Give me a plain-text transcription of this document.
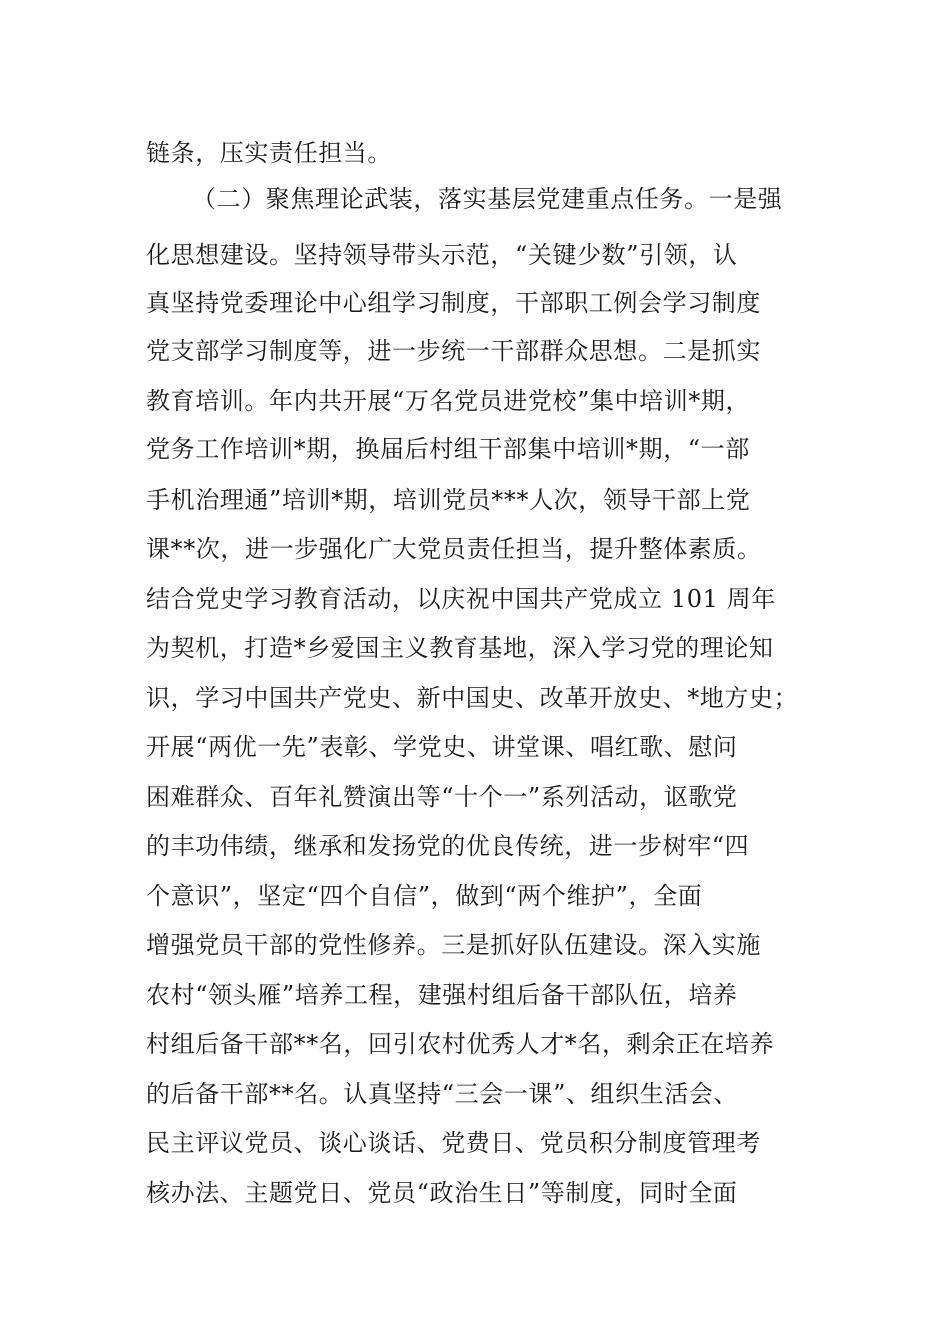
链条，压实责任担当。
（二）聚焦理论武装，落实基层党建重点任务。一是强
化思想建设。坚持领导带头示范，“关键少数”引领，认
真坚持党委理论中心组学习制度，干部职工例会学习制度
党支部学习制度等，进一步统一干部群众思想。二是抓实
教育培训。年内共开展“万名党员进党校”集中培训*期，
党务工作培训*期，换届后村组干部集中培训*期，“一部
手机治理通”培训*期，培训党员***人次，领导干部上党
课**次，进一步强化广大党员责任担当，提升整体素质。
结合党史学习教育活动，以庆祝中国共产党成立 101 周年
为契机，打造*乡爱国主义教育基地，深入学习党的理论知
识，学习中国共产党史、新中国史、改革开放史、*地方史；
开展“两优一先”表彰、学党史、讲堂课、唱红歌、慰问
困难群众、百年礼赞演出等“十个一”系列活动，讴歌党
的丰功伟绩，继承和发扬党的优良传统，进一步树牢“四
个意识”，坚定“四个自信”，做到“两个维护”，全面
增强党员干部的党性修养。三是抓好队伍建设。深入实施
农村“领头雁”培养工程，建强村组后备干部队伍，培养
村组后备干部**名，回引农村优秀人才*名，剩余正在培养
的后备干部**名。认真坚持“三会一课”、组织生活会、
民主评议党员、谈心谈话、党费日、党员积分制度管理考
核办法、主题党日、党员“政治生日”等制度，同时全面
